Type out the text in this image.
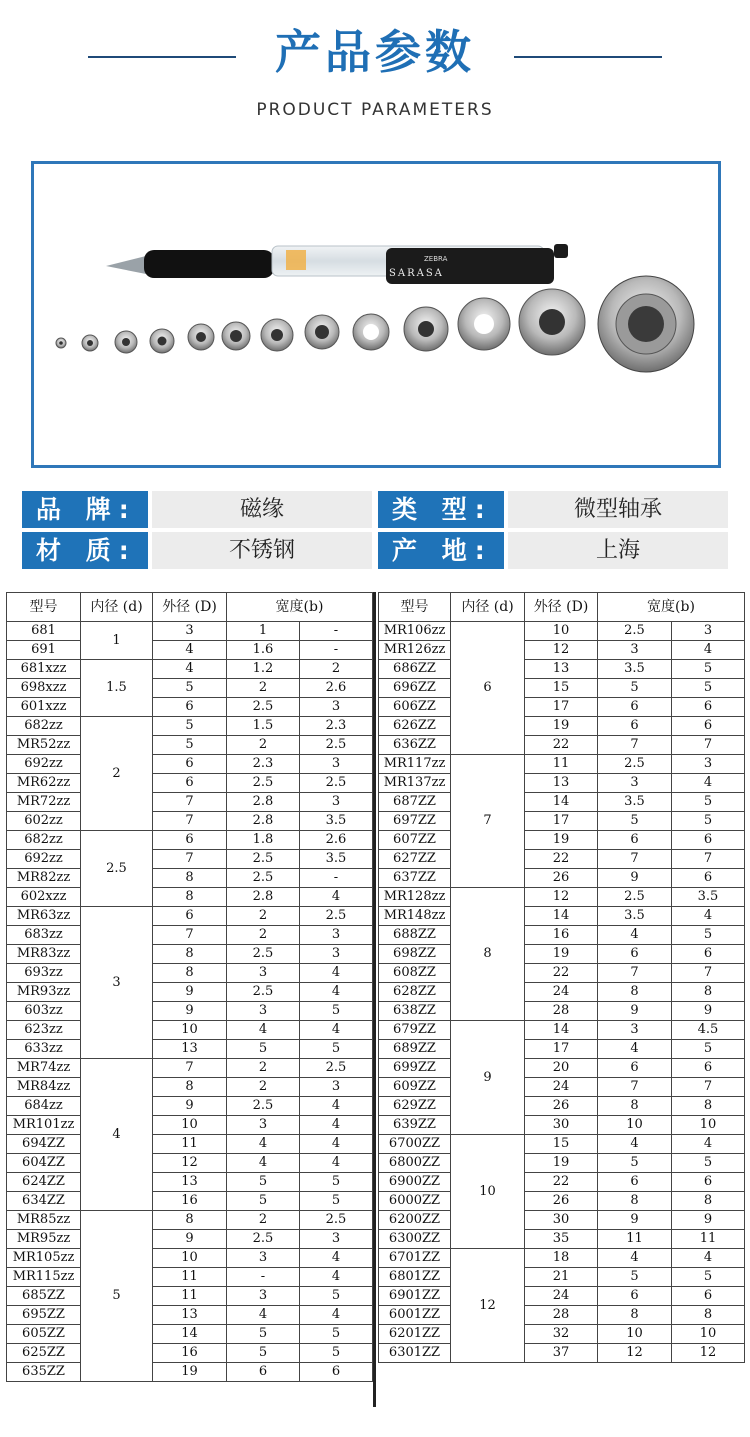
产品参数
PRODUCT PARAMETERS
ZEBRA
SARASA
品 牌:	磁缘	类 型:	微型轴承
材 质:	不锈钢	产 地:	上海
型号	内径 (d)	外径 (D)	宽度(b)	
681	1	3	1	-
691		4	1.6	-
681xzz	1.5	4	1.2	2
698xzz		5	2	2.6
601xzz		6	2.5	3
682zz	2	5	1.5	2.3
MR52zz		5	2	2.5
692zz		6	2.3	3
MR62zz		6	2.5	2.5
MR72zz		7	2.8	3
602zz		7	2.8	3.5
682zz	2.5	6	1.8	2.6
692zz		7	2.5	3.5
MR82zz		8	2.5	-
602xzz		8	2.8	4
MR63zz	3	6	2	2.5
683zz		7	2	3
MR83zz		8	2.5	3
693zz		8	3	4
MR93zz		9	2.5	4
603zz		9	3	5
623zz		10	4	4
633zz		13	5	5
MR74zz	4	7	2	2.5
MR84zz		8	2	3
684zz		9	2.5	4
MR101zz		10	3	4
694ZZ		11	4	4
604ZZ		12	4	4
624ZZ		13	5	5
634ZZ		16	5	5
MR85zz	5	8	2	2.5
MR95zz		9	2.5	3
MR105zz		10	3	4
MR115zz		11	-	4
685ZZ		11	3	5
695ZZ		13	4	4
605ZZ		14	5	5
625ZZ		16	5	5
635ZZ		19	6	6
型号	内径 (d)	外径 (D)	宽度(b)	
MR106zz	6	10	2.5	3
MR126zz		12	3	4
686ZZ		13	3.5	5
696ZZ		15	5	5
606ZZ		17	6	6
626ZZ		19	6	6
636ZZ		22	7	7
MR117zz	7	11	2.5	3
MR137zz		13	3	4
687ZZ		14	3.5	5
697ZZ		17	5	5
607ZZ		19	6	6
627ZZ		22	7	7
637ZZ		26	9	6
MR128zz	8	12	2.5	3.5
MR148zz		14	3.5	4
688ZZ		16	4	5
698ZZ		19	6	6
608ZZ		22	7	7
628ZZ		24	8	8
638ZZ		28	9	9
679ZZ	9	14	3	4.5
689ZZ		17	4	5
699ZZ		20	6	6
609ZZ		24	7	7
629ZZ		26	8	8
639ZZ		30	10	10
6700ZZ	10	15	4	4
6800ZZ		19	5	5
6900ZZ		22	6	6
6000ZZ		26	8	8
6200ZZ		30	9	9
6300ZZ		35	11	11
6701ZZ	12	18	4	4
6801ZZ		21	5	5
6901ZZ		24	6	6
6001ZZ		28	8	8
6201ZZ		32	10	10
6301ZZ		37	12	12
